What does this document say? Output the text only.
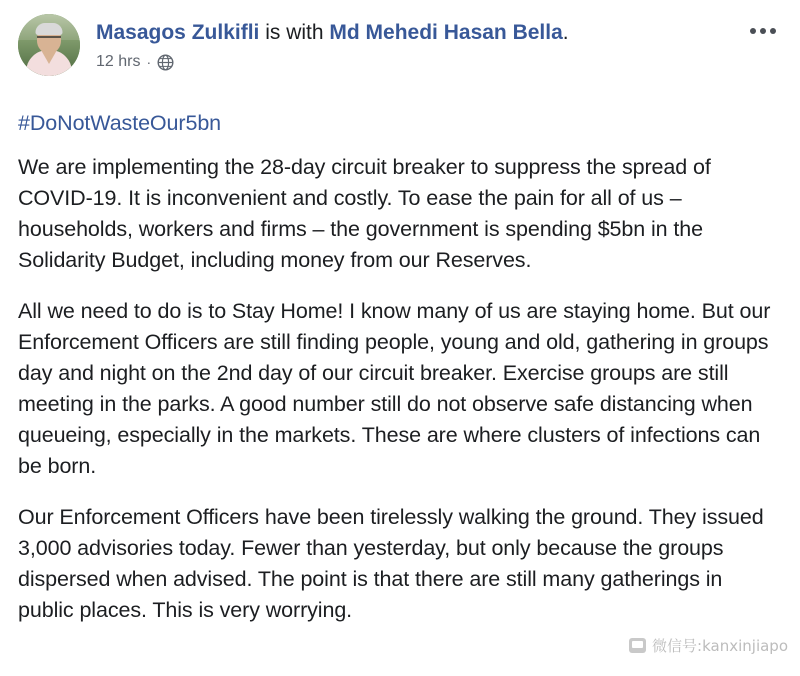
Masagos Zulkifli is with Md Mehedi Hasan Bella.
12 hrs ·
#DoNotWasteOur5bn

We are implementing the 28-day circuit breaker to suppress the spread of COVID-19. It is inconvenient and costly. To ease the pain for all of us – households, workers and firms – the government is spending $5bn in the Solidarity Budget, including money from our Reserves.

All we need to do is to Stay Home! I know many of us are staying home. But our Enforcement Officers are still finding people, young and old, gathering in groups day and night on the 2nd day of our circuit breaker. Exercise groups are still meeting in the parks. A good number still do not observe safe distancing when queueing, especially in the markets. These are where clusters of infections can be born.

Our Enforcement Officers have been tirelessly walking the ground. They issued 3,000 advisories today. Fewer than yesterday, but only because the groups dispersed when advised. The point is that there are still many gatherings in public places. This is very worrying.

微信号:kanxinjiapo
